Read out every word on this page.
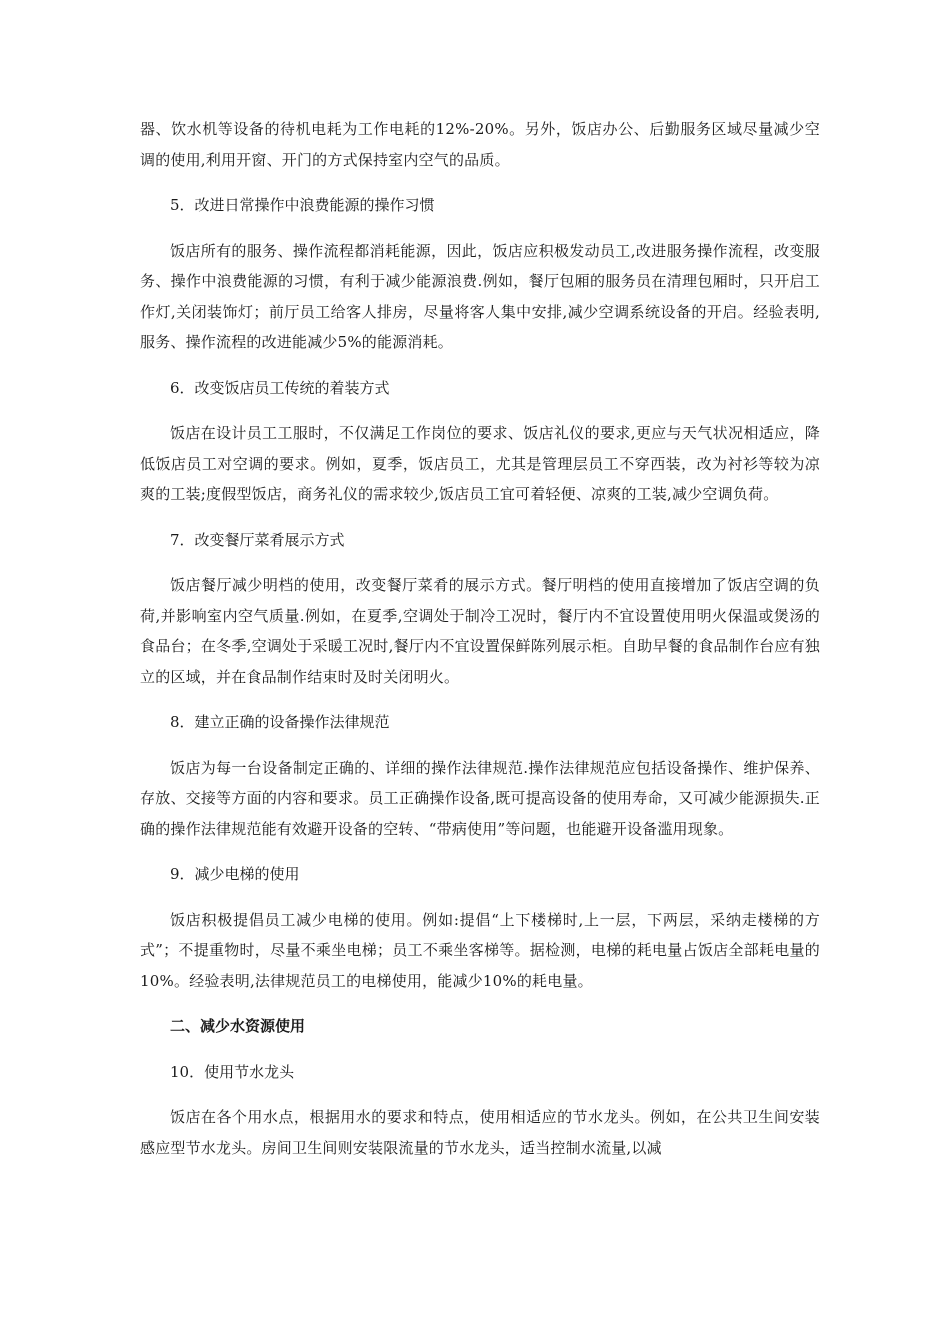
器、饮水机等设备的待机电耗为工作电耗的12%-20%。另外，饭店办公、后勤服务区域尽量减少空调的使用,利用开窗、开门的方式保持室内空气的品质。

5．改进日常操作中浪费能源的操作习惯

饭店所有的服务、操作流程都消耗能源，因此，饭店应积极发动员工,改进服务操作流程，改变服务、操作中浪费能源的习惯，有利于减少能源浪费.例如，餐厅包厢的服务员在清理包厢时，只开启工作灯,关闭装饰灯；前厅员工给客人排房，尽量将客人集中安排,减少空调系统设备的开启。经验表明,服务、操作流程的改进能减少5%的能源消耗。

6．改变饭店员工传统的着装方式

饭店在设计员工工服时，不仅满足工作岗位的要求、饭店礼仪的要求,更应与天气状况相适应，降低饭店员工对空调的要求。例如，夏季，饭店员工，尤其是管理层员工不穿西装，改为衬衫等较为凉爽的工装;度假型饭店，商务礼仪的需求较少,饭店员工宜可着轻便、凉爽的工装,减少空调负荷。

7．改变餐厅菜肴展示方式

饭店餐厅减少明档的使用，改变餐厅菜肴的展示方式。餐厅明档的使用直接增加了饭店空调的负荷,并影响室内空气质量.例如，在夏季,空调处于制冷工况时，餐厅内不宜设置使用明火保温或煲汤的食品台；在冬季,空调处于采暖工况时,餐厅内不宜设置保鲜陈列展示柜。自助早餐的食品制作台应有独立的区域，并在食品制作结束时及时关闭明火。

8．建立正确的设备操作法律规范

饭店为每一台设备制定正确的、详细的操作法律规范.操作法律规范应包括设备操作、维护保养、存放、交接等方面的内容和要求。员工正确操作设备,既可提高设备的使用寿命，又可减少能源损失.正确的操作法律规范能有效避开设备的空转、“带病使用”等问题，也能避开设备滥用现象。

9．减少电梯的使用

饭店积极提倡员工减少电梯的使用。例如:提倡“上下楼梯时,上一层，下两层，采纳走楼梯的方式”；不提重物时，尽量不乘坐电梯；员工不乘坐客梯等。据检测，电梯的耗电量占饭店全部耗电量的10%。经验表明,法律规范员工的电梯使用，能减少10%的耗电量。

二、减少水资源使用

10．使用节水龙头

饭店在各个用水点，根据用水的要求和特点，使用相适应的节水龙头。例如，在公共卫生间安装感应型节水龙头。房间卫生间则安装限流量的节水龙头，适当控制水流量,以减
